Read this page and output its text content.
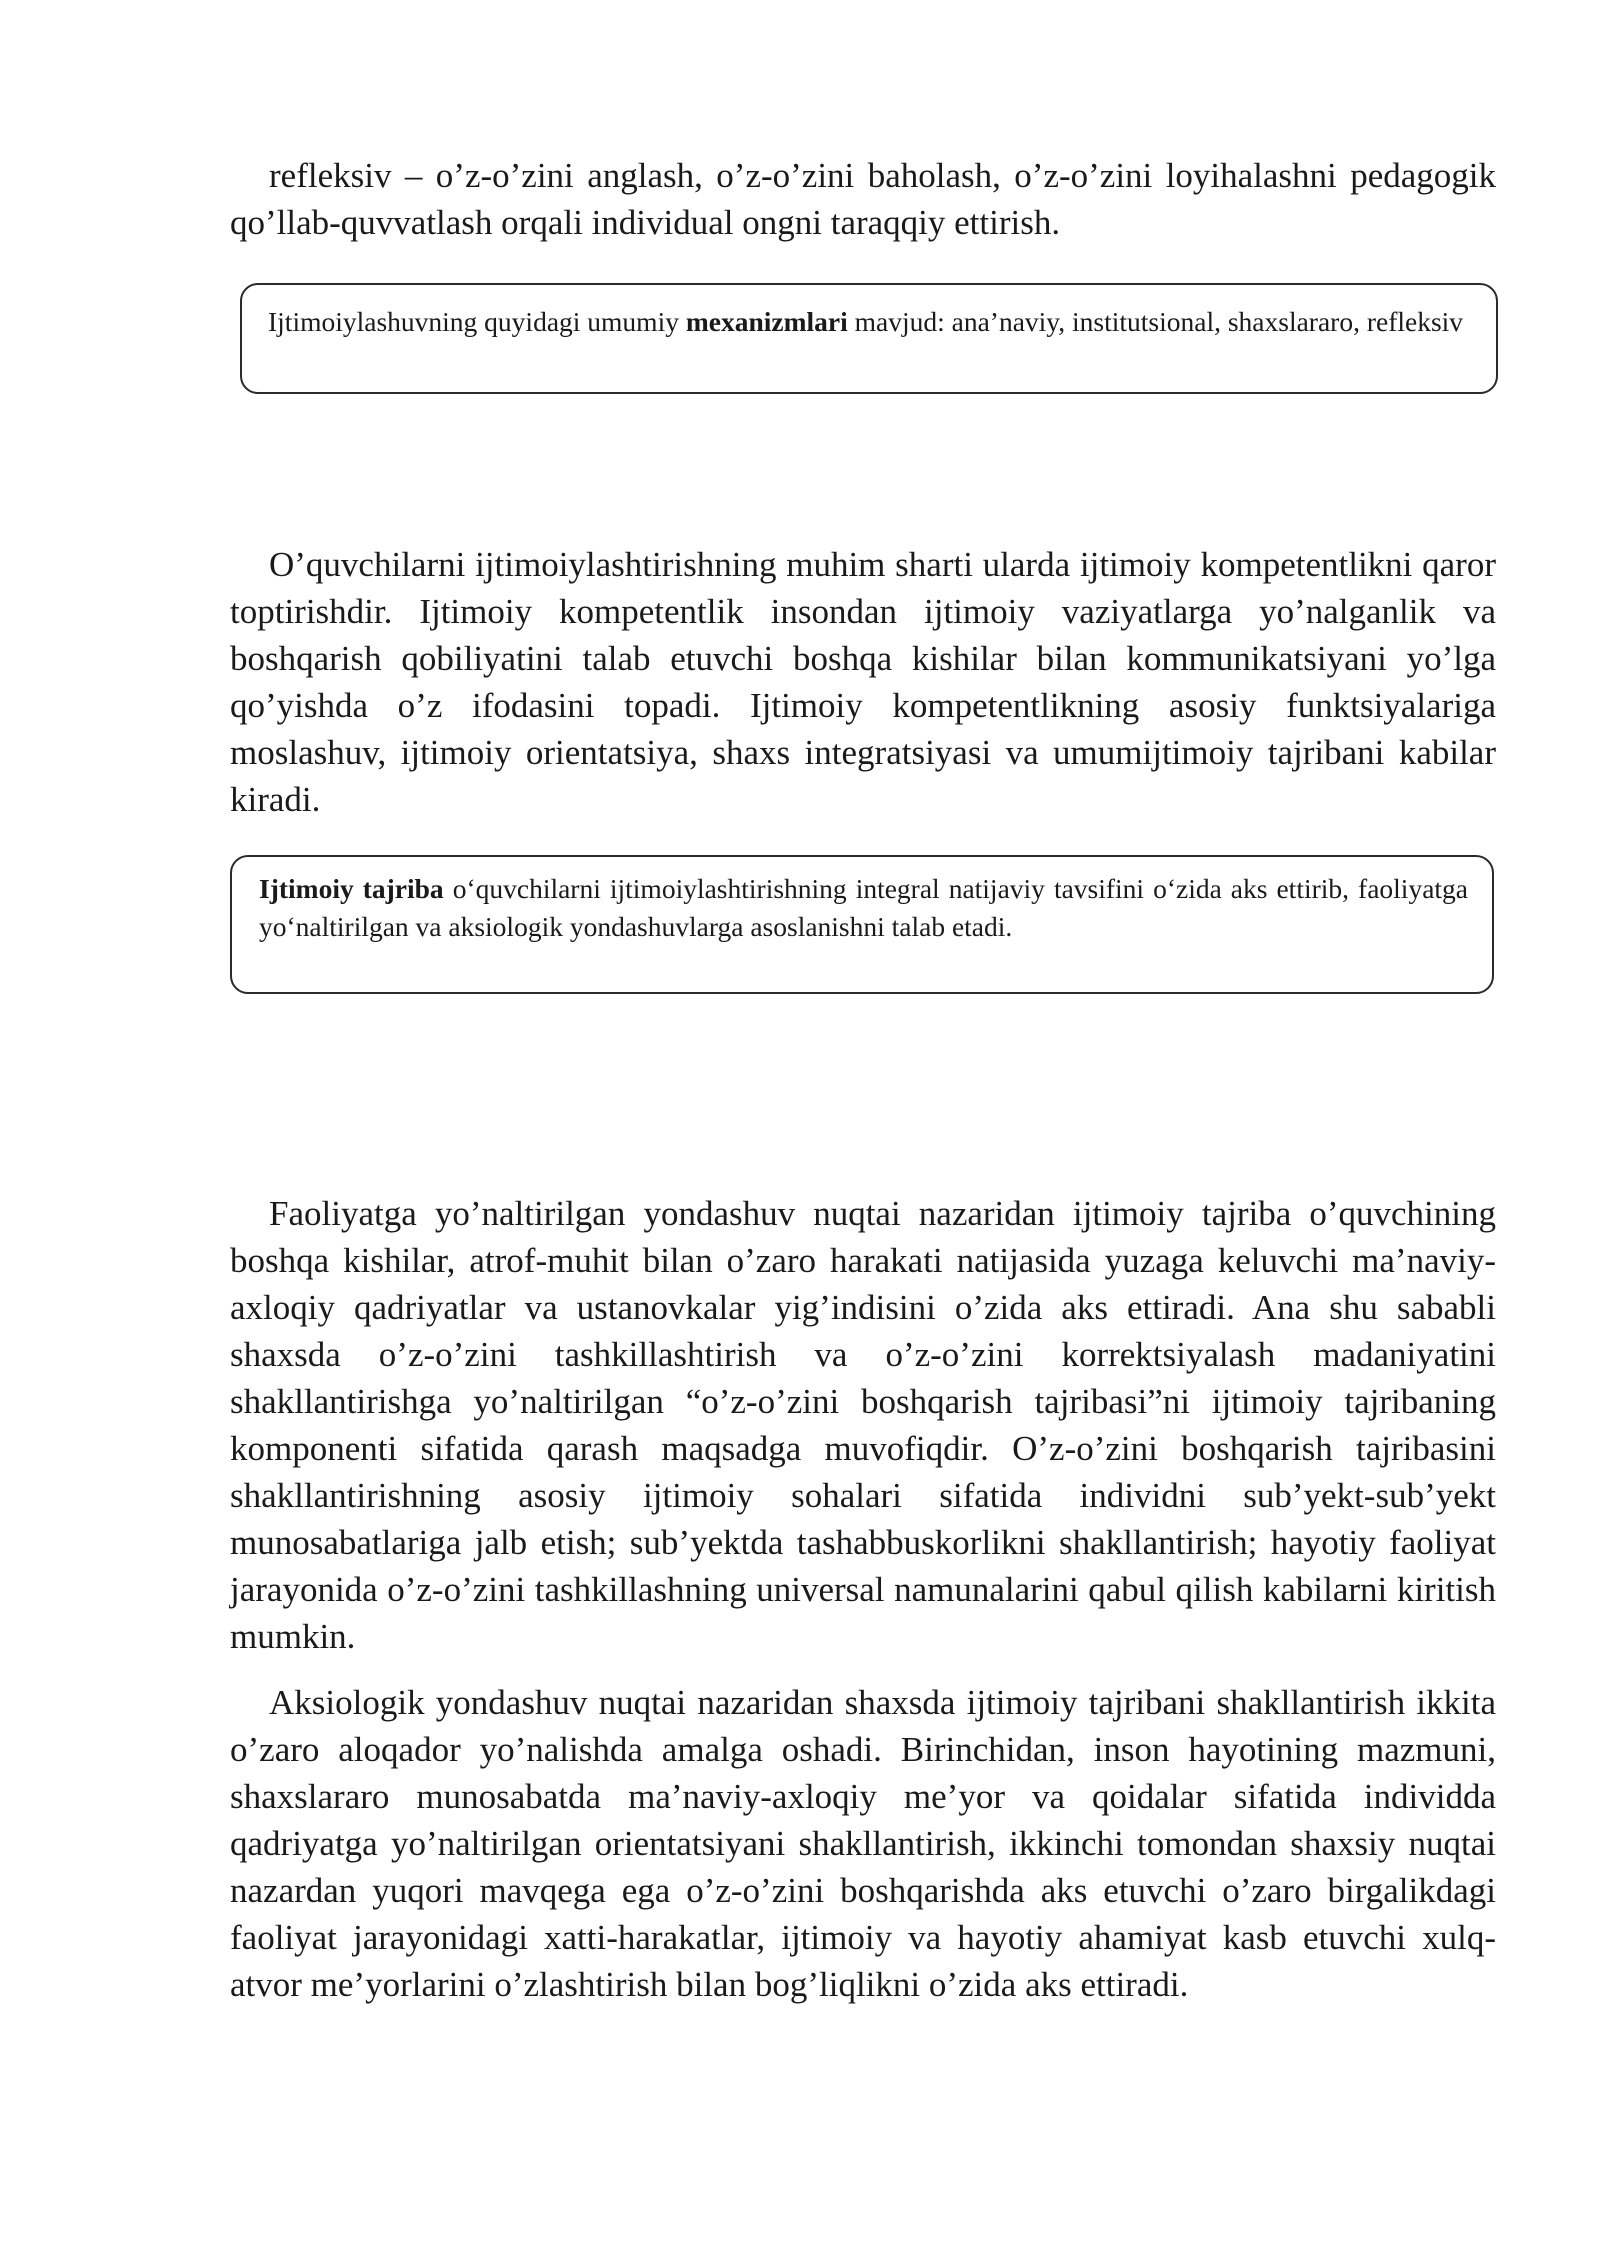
refleksiv – o’z-o’zini anglash, o’z-o’zini baholash, o’z-o’zini loyihalashni pedagogik qo’llab-quvvatlash orqali individual ongni taraqqiy ettirish.

Ijtimoiylashuvning quyidagi umumiy mexanizmlari mavjud: ana’naviy, institutsional, shaxslararo, refleksiv

O’quvchilarni ijtimoiylashtirishning muhim sharti ularda ijtimoiy kompetentlikni qaror toptirishdir. Ijtimoiy kompetentlik insondan ijtimoiy vaziyatlarga yo’nalganlik va boshqarish qobiliyatini talab etuvchi boshqa kishilar bilan kommunikatsiyani yo’lga qo’yishda o’z ifodasini topadi. Ijtimoiy kompetentlikning asosiy funktsiyalariga moslashuv, ijtimoiy orientatsiya, shaxs integratsiyasi va umumijtimoiy tajribani kabilar kiradi.

Ijtimoiy tajriba o‘quvchilarni ijtimoiylashtirishning integral natijaviy tavsifini o‘zida aks ettirib, faoliyatga yo‘naltirilgan va aksiologik yondashuvlarga asoslanishni talab etadi.

Faoliyatga yo’naltirilgan yondashuv nuqtai nazaridan ijtimoiy tajriba o’quvchining boshqa kishilar, atrof-muhit bilan o’zaro harakati natijasida yuzaga keluvchi ma’naviy-axloqiy qadriyatlar va ustanovkalar yig’indisini o’zida aks ettiradi. Ana shu sababli shaxsda o’z-o’zini tashkillashtirish va o’z-o’zini korrektsiyalash madaniyatini shakllantirishga yo’naltirilgan “o’z-o’zini boshqarish tajribasi”ni ijtimoiy tajribaning komponenti sifatida qarash maqsadga muvofiqdir. O’z-o’zini boshqarish tajribasini shakllantirishning asosiy ijtimoiy sohalari sifatida individni sub’yekt-sub’yekt munosabatlariga jalb etish; sub’yektda tashabbuskorlikni shakllantirish; hayotiy faoliyat jarayonida o’z-o’zini tashkillashning universal namunalarini qabul qilish kabilarni kiritish mumkin.

Aksiologik yondashuv nuqtai nazaridan shaxsda ijtimoiy tajribani shakllantirish ikkita o’zaro aloqador yo’nalishda amalga oshadi. Birinchidan, inson hayotining mazmuni, shaxslararo munosabatda ma’naviy-axloqiy me’yor va qoidalar sifatida individda qadriyatga yo’naltirilgan orientatsiyani shakllantirish, ikkinchi tomondan shaxsiy nuqtai nazardan yuqori mavqega ega o’z-o’zini boshqarishda aks etuvchi o’zaro birgalikdagi faoliyat jarayonidagi xatti-harakatlar, ijtimoiy va hayotiy ahamiyat kasb etuvchi xulq-atvor me’yorlarini o’zlashtirish bilan bog’liqlikni o’zida aks ettiradi.
